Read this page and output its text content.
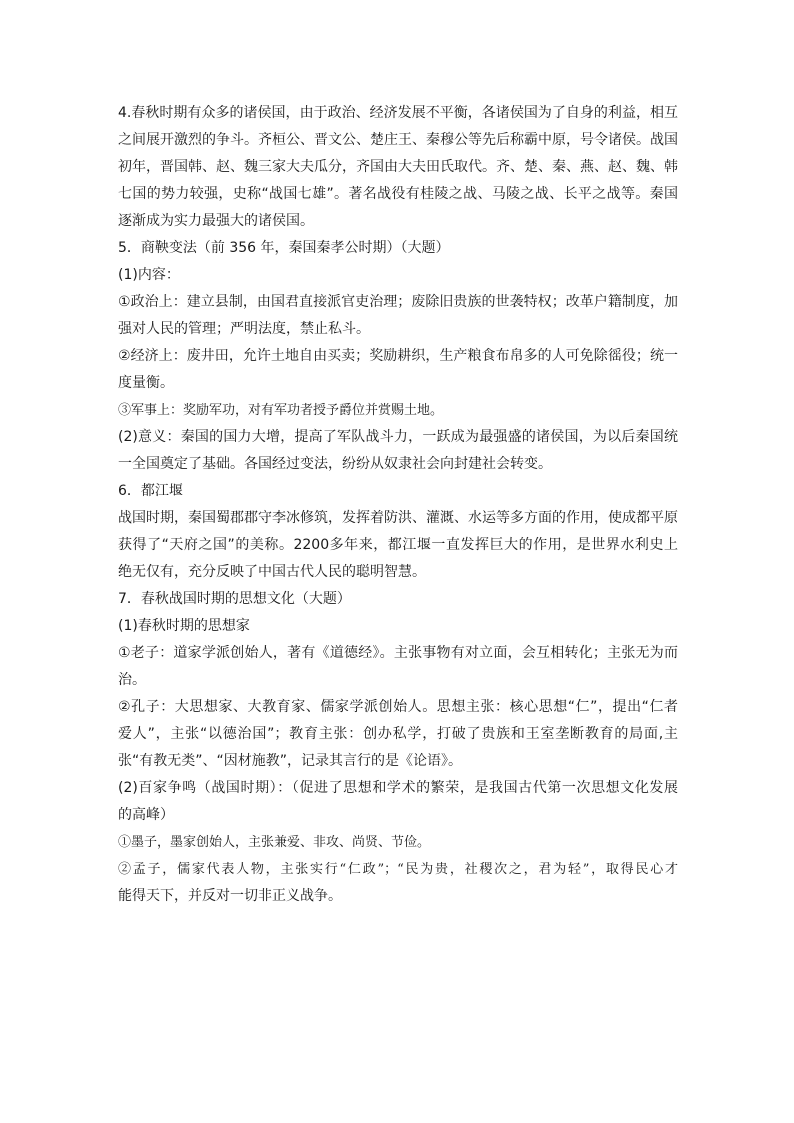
4.春秋时期有众多的诸侯国，由于政治、经济发展不平衡，各诸侯国为了自身的利益，相互
之间展开激烈的争斗。齐桓公、晋文公、楚庄王、秦穆公等先后称霸中原，号令诸侯。战国
初年，晋国韩、赵、魏三家大夫瓜分，齐国由大夫田氏取代。齐、楚、秦、燕、赵、魏、韩
七国的势力较强，史称“战国七雄”。著名战役有桂陵之战、马陵之战、长平之战等。秦国
逐渐成为实力最强大的诸侯国。
5．商鞅变法（前 356 年，秦国秦孝公时期）（大题）
(1)内容：
①政治上：建立县制，由国君直接派官吏治理；废除旧贵族的世袭特权；改革户籍制度，加
强对人民的管理；严明法度，禁止私斗。
②经济上：废井田，允许土地自由买卖；奖励耕织，生产粮食布帛多的人可免除徭役；统一
度量衡。
③军事上：奖励军功，对有军功者授予爵位并赏赐土地。
(2)意义：秦国的国力大增，提高了军队战斗力，一跃成为最强盛的诸侯国，为以后秦国统
一全国奠定了基础。各国经过变法，纷纷从奴隶社会向封建社会转变。
6．都江堰
战国时期，秦国蜀郡郡守李冰修筑，发挥着防洪、灌溉、水运等多方面的作用，使成都平原
获得了“天府之国”的美称。2200多年来，都江堰一直发挥巨大的作用，是世界水利史上
绝无仅有，充分反映了中国古代人民的聪明智慧。
7．春秋战国时期的思想文化（大题）
(1)春秋时期的思想家
①老子：道家学派创始人，著有《道德经》。主张事物有对立面，会互相转化；主张无为而
治。
②孔子：大思想家、大教育家、儒家学派创始人。思想主张：核心思想“仁”，提出“仁者
爱人”，主张“以德治国”；教育主张：创办私学，打破了贵族和王室垄断教育的局面,主
张“有教无类”、“因材施教”，记录其言行的是《论语》。
(2)百家争鸣（战国时期）：（促进了思想和学术的繁荣，是我国古代第一次思想文化发展
的高峰）
①墨子，墨家创始人，主张兼爱、非攻、尚贤、节俭。
②孟子，儒家代表人物，主张实行“仁政”；“民为贵，社稷次之，君为轻”，取得民心才
能得天下，并反对一切非正义战争。
